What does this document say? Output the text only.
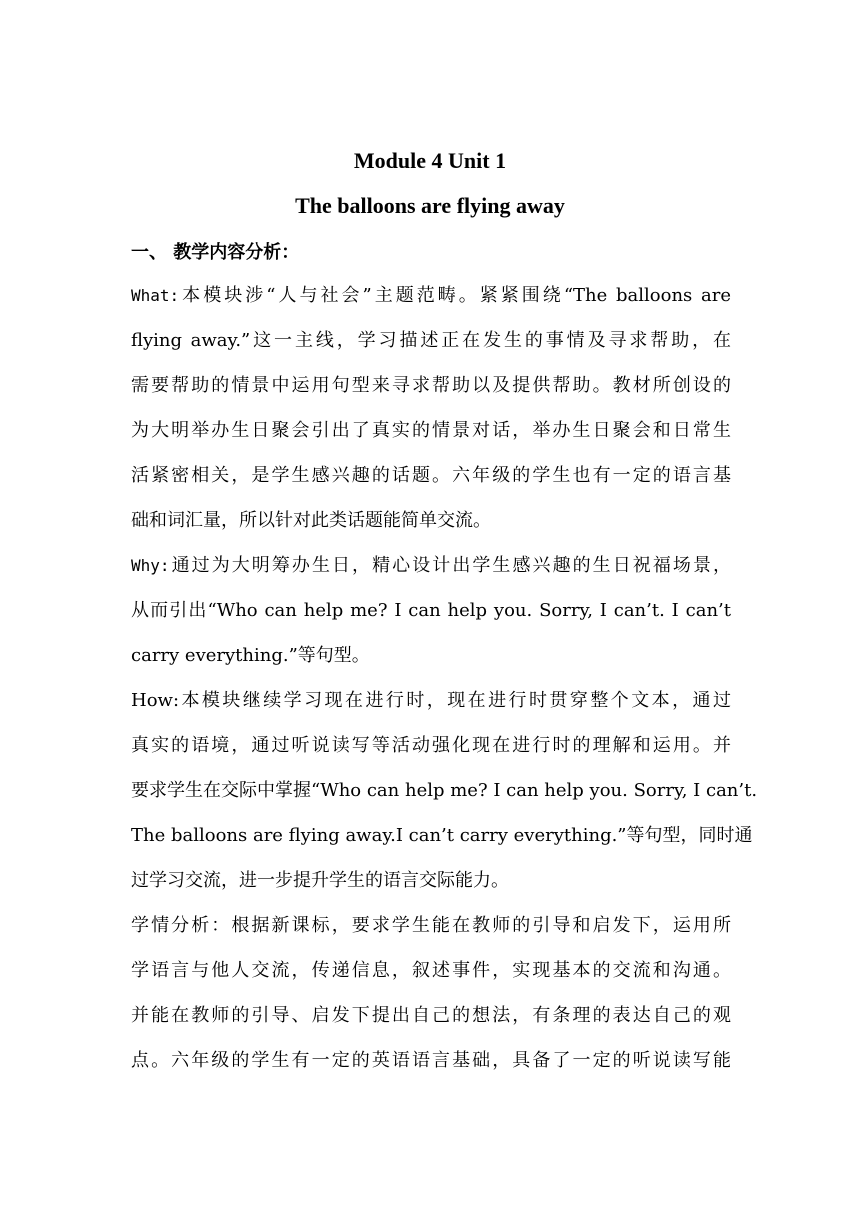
Module 4 Unit 1
The balloons are flying away
一、 教学内容分析：
What:本模块涉“人与社会”主题范畴。紧紧围绕“The balloons are
flying away.”这一主线，学习描述正在发生的事情及寻求帮助，在
需要帮助的情景中运用句型来寻求帮助以及提供帮助。教材所创设的
为大明举办生日聚会引出了真实的情景对话，举办生日聚会和日常生
活紧密相关，是学生感兴趣的话题。六年级的学生也有一定的语言基
础和词汇量，所以针对此类话题能简单交流。
Why:通过为大明筹办生日，精心设计出学生感兴趣的生日祝福场景，
从而引出“Who can help me? I can help you. Sorry, I can’t. I can’t
carry everything.”等句型。
How:本模块继续学习现在进行时，现在进行时贯穿整个文本，通过
真实的语境，通过听说读写等活动强化现在进行时的理解和运用。并
要求学生在交际中掌握“Who can help me? I can help you. Sorry, I can’t.
The balloons are flying away.I can’t carry everything.”等句型，同时通
过学习交流，进一步提升学生的语言交际能力。
学情分析：根据新课标，要求学生能在教师的引导和启发下，运用所
学语言与他人交流，传递信息，叙述事件，实现基本的交流和沟通。
并能在教师的引导、启发下提出自己的想法，有条理的表达自己的观
点。六年级的学生有一定的英语语言基础，具备了一定的听说读写能
